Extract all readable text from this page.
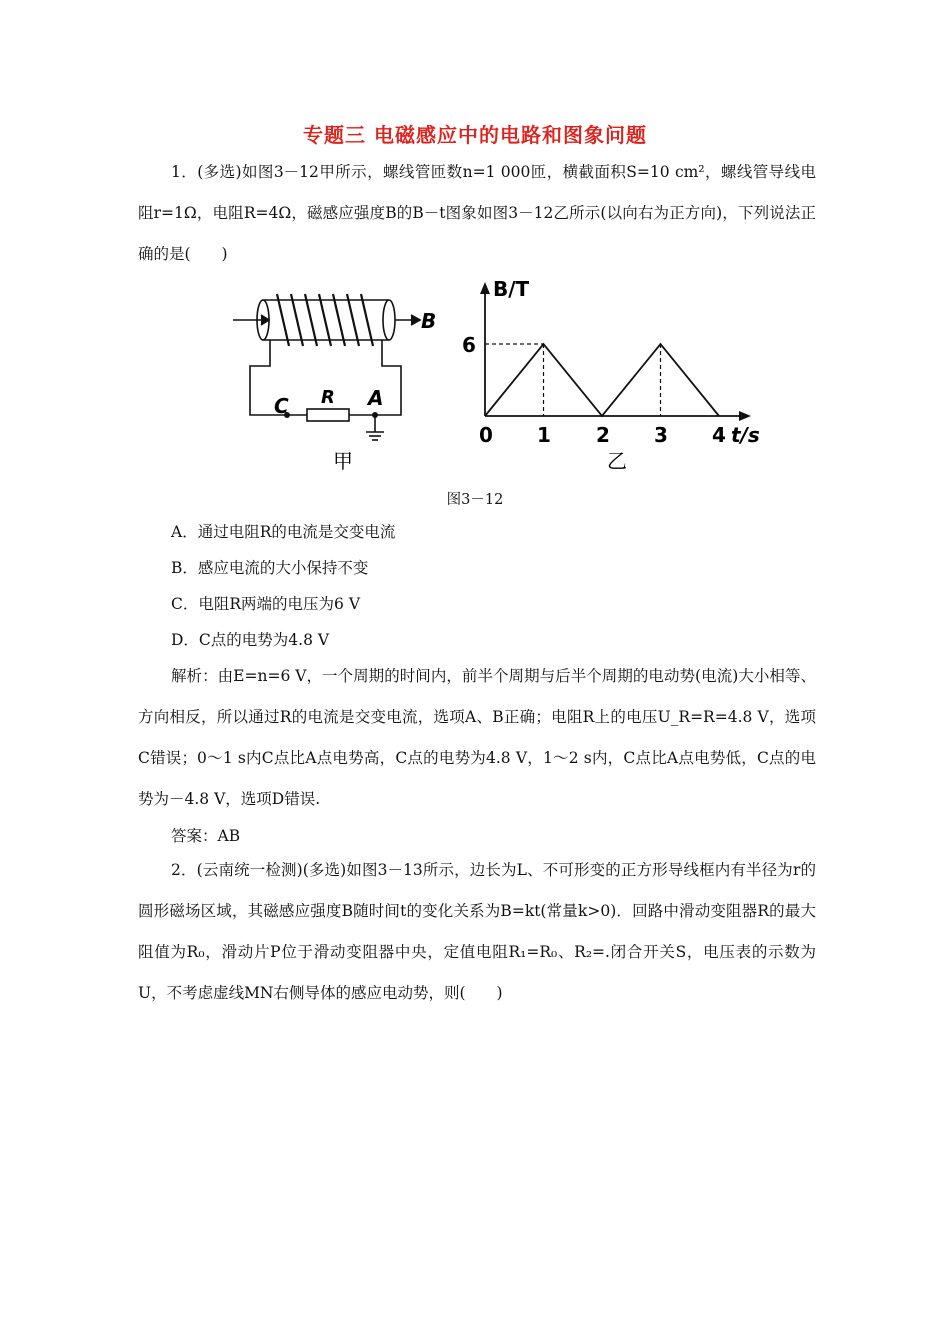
专题三 电磁感应中的电路和图象问题
1．(多选)如图3－12甲所示，螺线管匝数n=1 000匝，横截面积S=10 cm²，螺线管导线电阻r=1Ω，电阻R=4Ω，磁感应强度B的B－t图象如图3－12乙所示(以向右为正方向)，下列说法正确的是(　　)
B
C R A
甲
B/T
6
0 1 2 3 4 t/s
乙
图3－12
A．通过电阻R的电流是交变电流
B．感应电流的大小保持不变
C．电阻R两端的电压为6 V
D．C点的电势为4.8 V
解析：由E=n=6 V，一个周期的时间内，前半个周期与后半个周期的电动势(电流)大小相等、方向相反，所以通过R的电流是交变电流，选项A、B正确；电阻R上的电压U_R=R=4.8 V，选项C错误；0～1 s内C点比A点电势高，C点的电势为4.8 V，1～2 s内，C点比A点电势低，C点的电势为－4.8 V，选项D错误.
答案：AB
2．(云南统一检测)(多选)如图3－13所示，边长为L、不可形变的正方形导线框内有半径为r的圆形磁场区域，其磁感应强度B随时间t的变化关系为B=kt(常量k>0)．回路中滑动变阻器R的最大阻值为R₀，滑动片P位于滑动变阻器中央，定值电阻R₁=R₀、R₂=.闭合开关S，电压表的示数为U，不考虑虚线MN右侧导体的感应电动势，则(　　)
